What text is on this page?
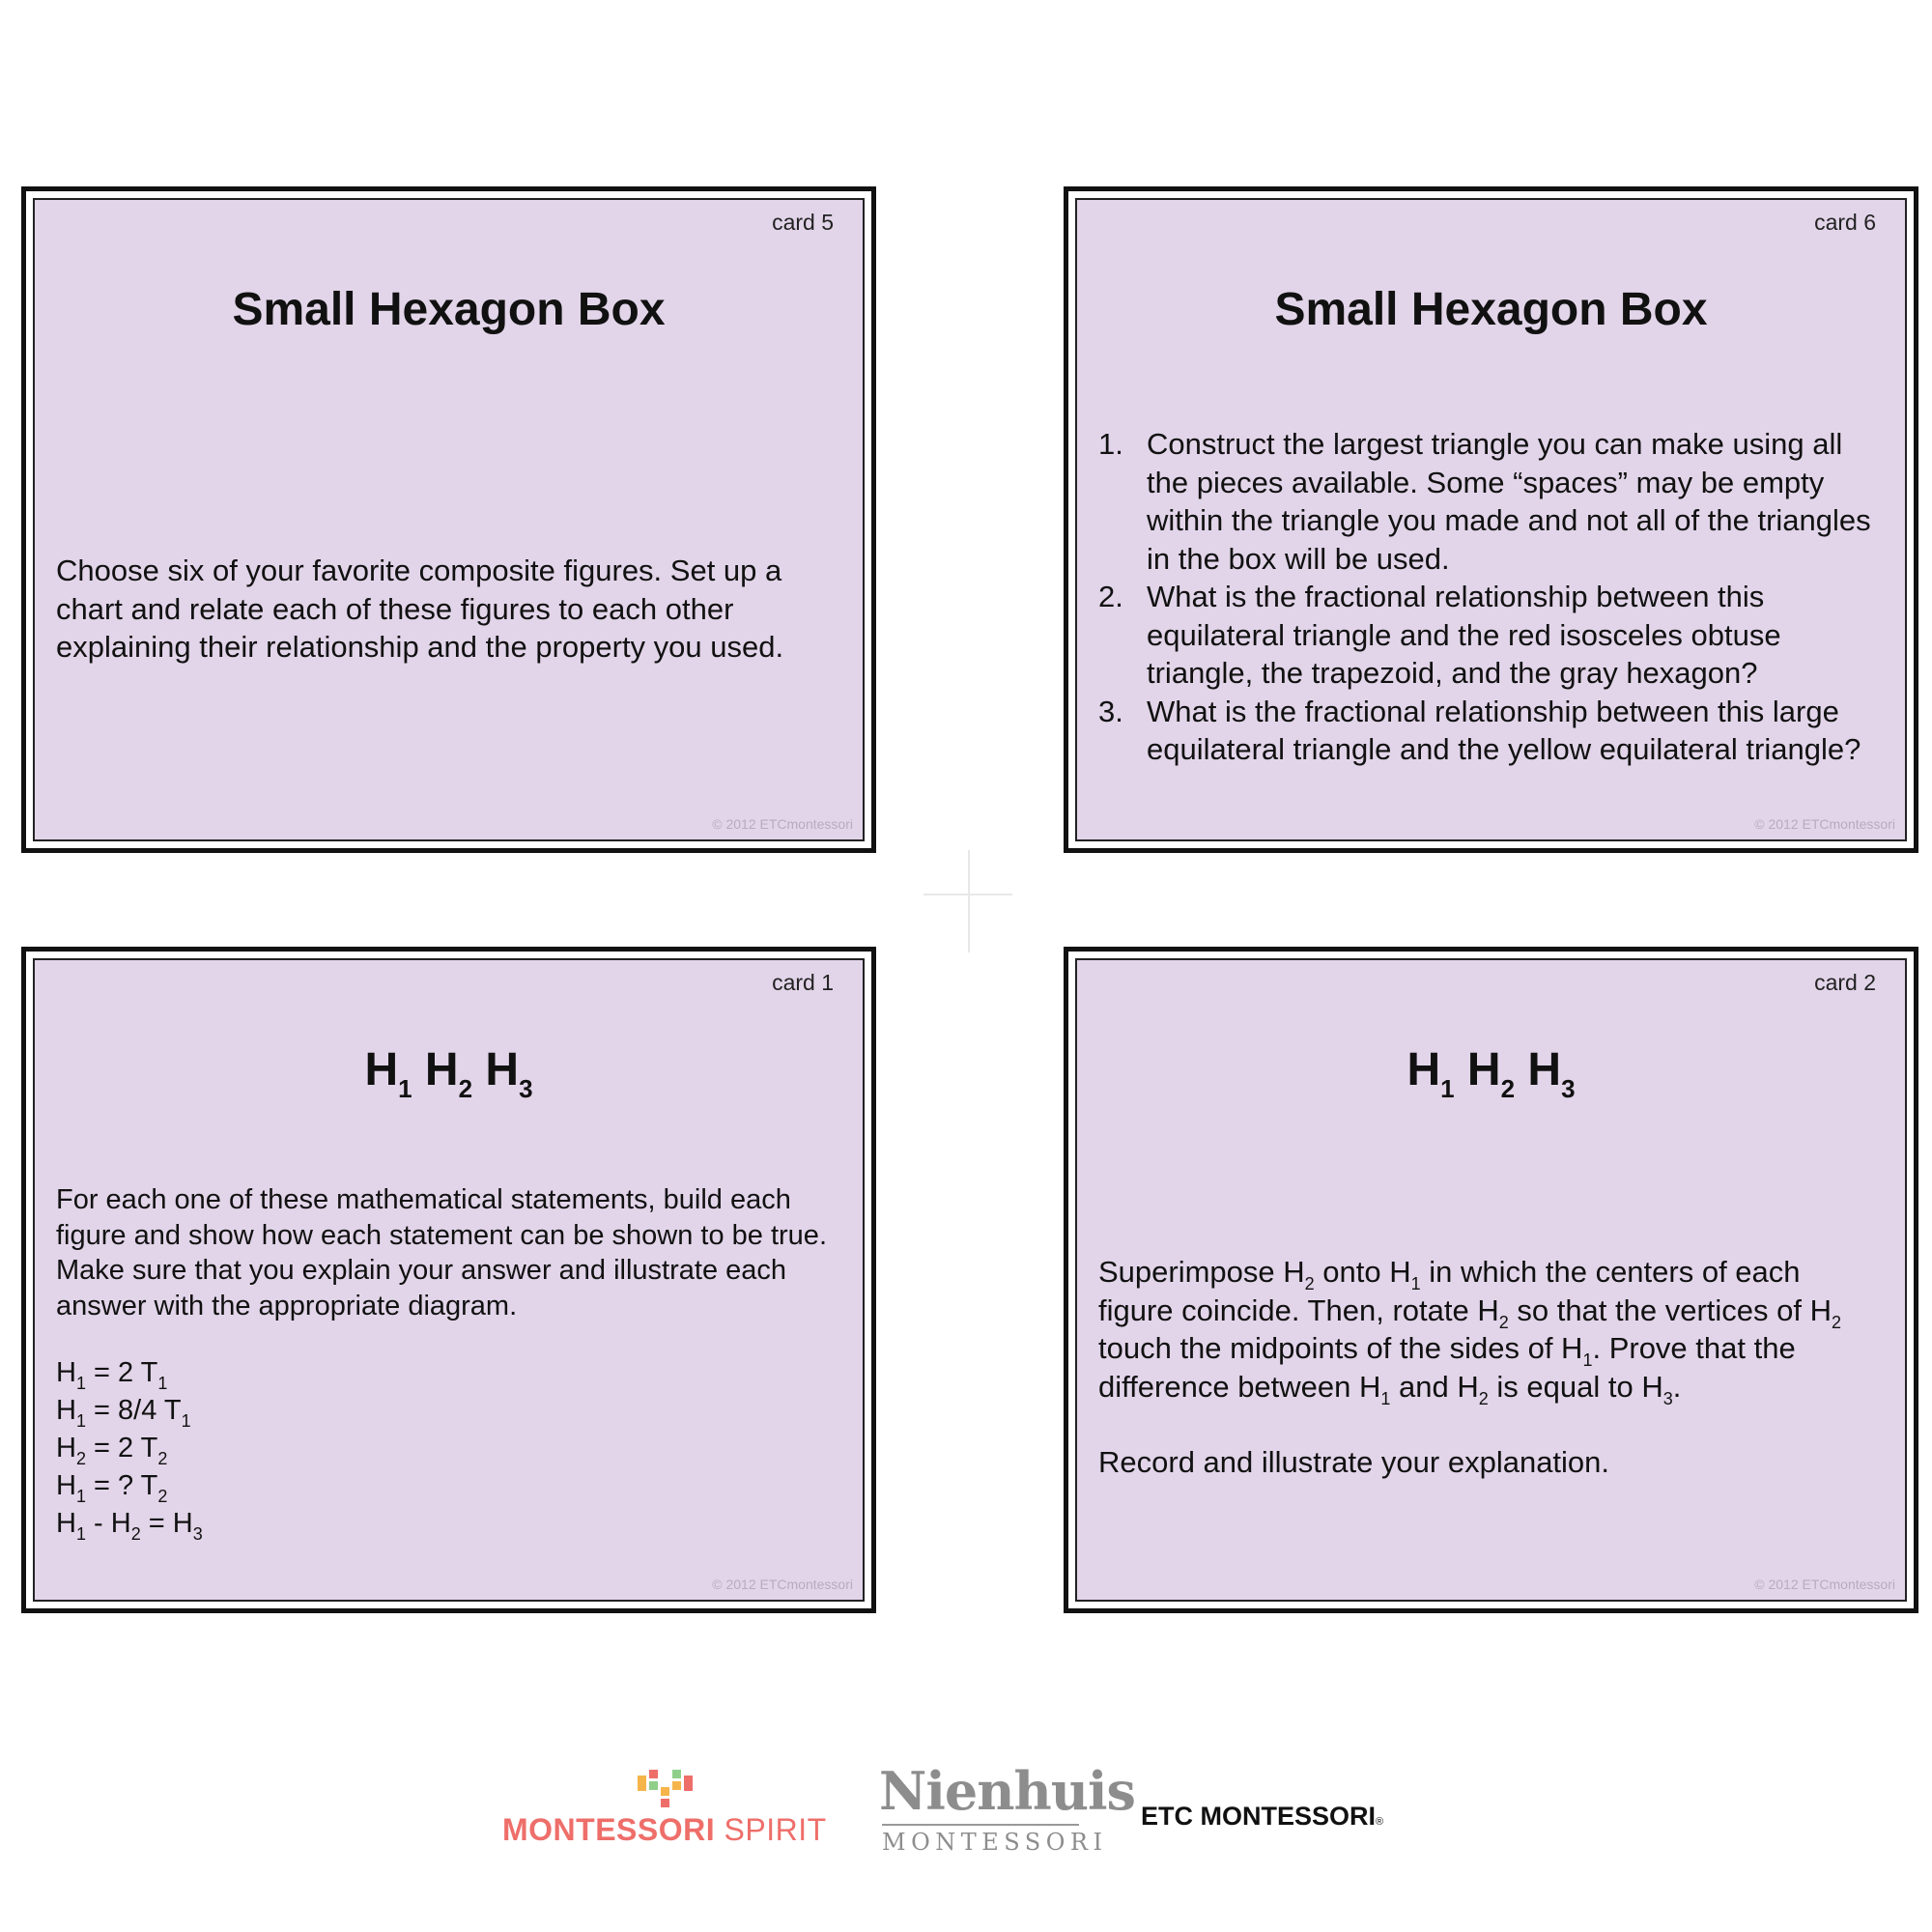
card 5
Small Hexagon Box
Choose six of your favorite composite figures. Set up a chart and relate each of these figures to each other explaining their relationship and the property you used.
© 2012 ETCmontessori
card 6
Small Hexagon Box
1. Construct the largest triangle you can make using all the pieces available. Some “spaces” may be empty within the triangle you made and not all of the triangles in the box will be used.
2. What is the fractional relationship between this equilateral triangle and the red isosceles obtuse triangle, the trapezoid, and the gray hexagon?
3. What is the fractional relationship between this large equilateral triangle and the yellow equilateral triangle?
© 2012 ETCmontessori
card 1
$H_1$ $H_2$ $H_3$

For each one of these mathematical statements, build each figure and show how each statement can be shown to be true. Make sure that you explain your answer and illustrate each answer with the appropriate diagram.

$H_1 = 2$ $T_1$
$H_1 = 8/4$ $T_1$
$H_2 = 2$ $T_2$
$H_1$ = ? $T_2$
$H_1 - H_2 = H_3$
© 2012 ETCmontessori
card 2
$H_1$ $H_2$ $H_3$

Superimpose $H_2$ onto $H_1$ in which the centers of each figure coincide. Then, rotate $H_2$ so that the vertices of $H_2$ touch the midpoints of the sides of $H_1$. Prove that the difference between $H_1$ and $H_2$ is equal to $H_3$.

Record and illustrate your explanation.

© 2012 ETCmontessori
MONTESSORI SPIRIT
Nienhuis
MONTESSORI
ETC MONTESSORI®
